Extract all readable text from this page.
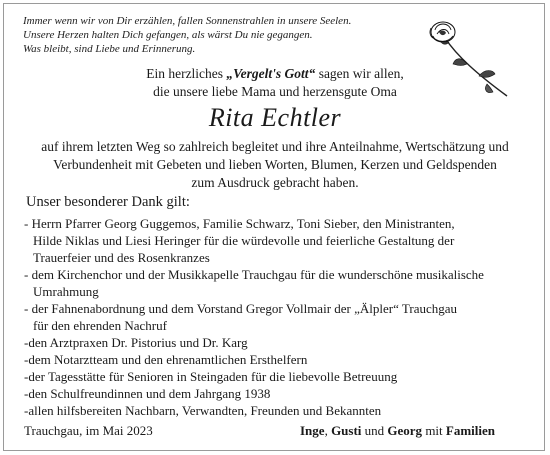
Immer wenn wir von Dir erzählen, fallen Sonnenstrahlen in unsere Seelen.
Unsere Herzen halten Dich gefangen, als wärst Du nie gegangen.
Was bleibt, sind Liebe und Erinnerung.
Ein herzliches „Vergelt's Gott“ sagen wir allen,
die unsere liebe Mama und herzensgute Oma
Rita Echtler
auf ihrem letzten Weg so zahlreich begleitet und ihre Anteilnahme, Wertschätzung und
Verbundenheit mit Gebeten und lieben Worten, Blumen, Kerzen und Geldspenden
zum Ausdruck gebracht haben.
Unser besonderer Dank gilt:
- Herrn Pfarrer Georg Guggemos, Familie Schwarz, Toni Sieber, den Ministranten,
Hilde Niklas und Liesi Heringer für die würdevolle und feierliche Gestaltung der
Trauerfeier und des Rosenkranzes
- dem Kirchenchor und der Musikkapelle Trauchgau für die wunderschöne musikalische
Umrahmung
- der Fahnenabordnung und dem Vorstand Gregor Vollmair der „Älpler“ Trauchgau
für den ehrenden Nachruf
-den Arztpraxen Dr. Pistorius und Dr. Karg
-dem Notarztteam und den ehrenamtlichen Ersthelfern
-der Tagesstätte für Senioren in Steingaden für die liebevolle Betreuung
-den Schulfreundinnen und dem Jahrgang 1938
-allen hilfsbereiten Nachbarn, Verwandten, Freunden und Bekannten
Trauchgau, im Mai 2023	Inge, Gusti und Georg mit Familien
